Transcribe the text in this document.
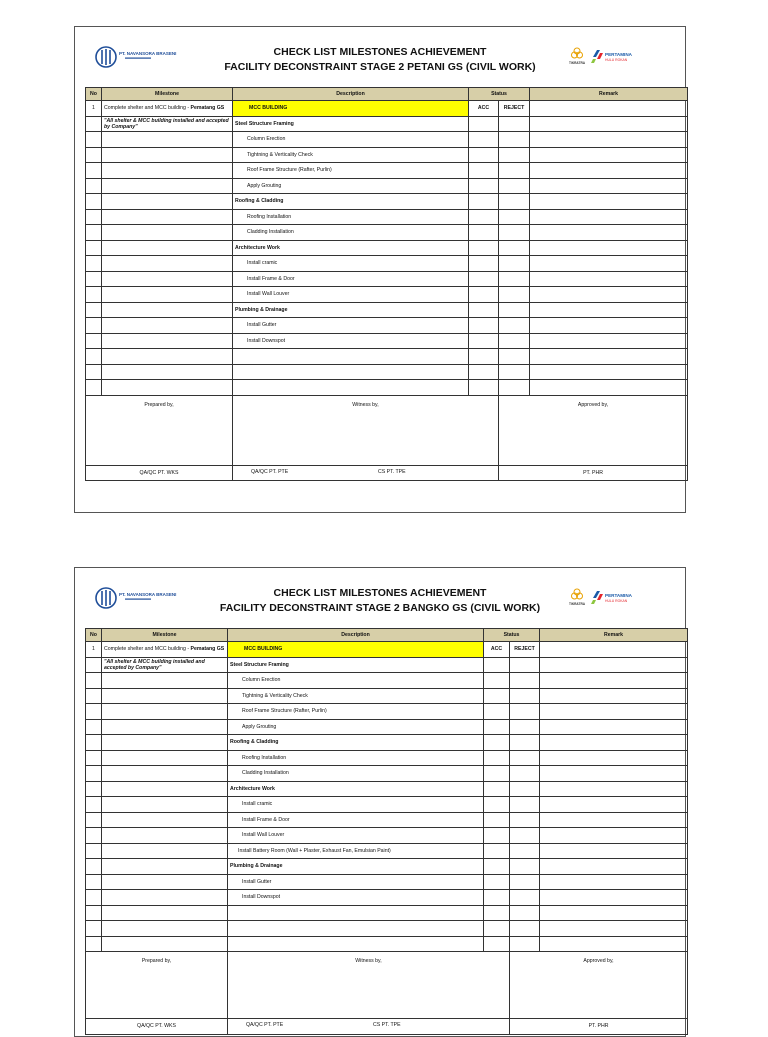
PT. NAVANSORA BRASENI	CHECK LIST MILESTONES ACHIEVEMENT
FACILITY DECONSTRAINT STAGE 2 PETANI GS (CIVIL WORK)	TIKRATRA
PERTAMINA
HULU ROKAN
No	Milestone	Description	Status		Remark
1	Complete shelter and MCC building - Pematang GS	MCC BUILDING	ACC	REJECT	
	"All shelter & MCC building installed and accepted by Company"	Steel Structure Framing			
		Column Erection			
		Tightning & Verticality Check			
		Roof Frame Structure (Rafter, Purlin)			
		Apply Grouting			
		Roofing & Cladding			
		Roofing Installation			
		Cladding Installation			
		Architecture Work			
		Install cramic			
		Install Frame & Door			
		Install Wall Louver			
		Plumbing & Drainage			
		Install Gutter			
		Install Downspot			

Prepared by,		Witness by,		Approved by,	
QA/QC PT. WKS		QA/QC PT. PTE CS PT. TPE		PT. PHR	
PT. NAVANSORA BRASENI	CHECK LIST MILESTONES ACHIEVEMENT
FACILITY DECONSTRAINT STAGE 2 BANGKO GS (CIVIL WORK)	TIKRATRA
PERTAMINA
HULU ROKAN
No	Milestone	Description	Status		Remark
1	Complete shelter and MCC building - Pematang GS	MCC BUILDING	ACC	REJECT	
	"All shelter & MCC building installed and accepted by Company"	Steel Structure Framing			
		Column Erection			
		Tightning & Verticality Check			
		Roof Frame Structure (Rafter, Purlin)			
		Apply Grouting			
		Roofing & Cladding			
		Roofing Installation			
		Cladding Installation			
		Architecture Work			
		Install cramic			
		Install Frame & Door			
		Install Wall Louver			
		Install Battery Room (Wall + Plaster, Exhaust Fan, Emulsian Paint)			
		Plumbing & Drainage			
		Install Gutter			
		Install Downspot			

Prepared by,		Witness by,		Approved by,	
QA/QC PT. WKS		QA/QC PT. PTE CS PT. TPE		PT. PHR	
